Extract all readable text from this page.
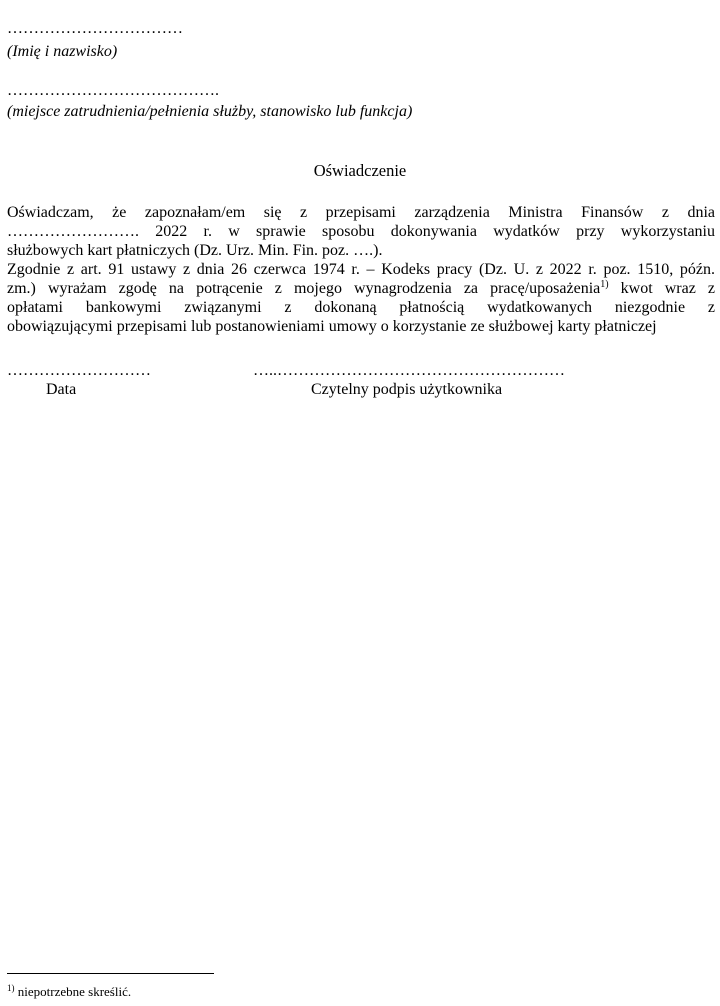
……………………………
(Imię i nazwisko)
………………………………….
(miejsce zatrudnienia/pełnienia służby, stanowisko lub funkcja)
Oświadczenie
Oświadczam, że zapoznałam/em się z przepisami zarządzenia Ministra Finansów z dnia
……………………. 2022 r. w sprawie sposobu dokonywania wydatków przy wykorzystaniu
służbowych kart płatniczych (Dz. Urz. Min. Fin. poz. ….).
Zgodnie z art. 91 ustawy z dnia 26 czerwca 1974 r. – Kodeks pracy (Dz. U. z 2022 r. poz. 1510, późn.
zm.) wyrażam zgodę na potrącenie z mojego wynagrodzenia za pracę/uposażenia$^{1)}$ kwot wraz z
opłatami bankowymi związanymi z dokonaną płatnością wydatkowanych niezgodnie z
obowiązującymi przepisami lub postanowieniami umowy o korzystanie ze służbowej karty płatniczej
………………………
Data
…..………………………………………………
Czytelny podpis użytkownika
$^{1)}$ niepotrzebne skreślić.
